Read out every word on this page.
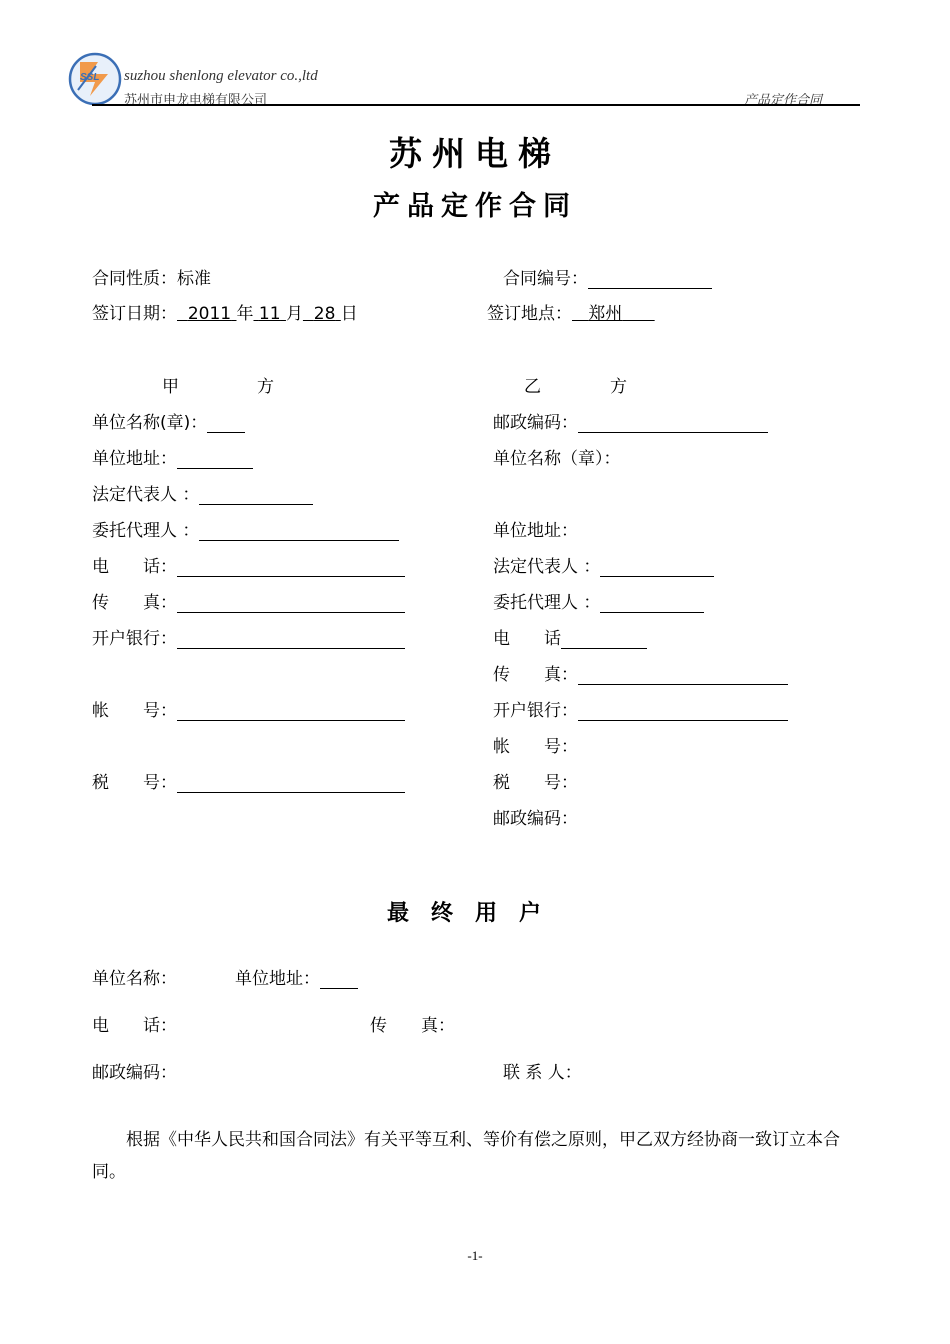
SSL suzhou shenlong elevator co.,ltd
苏州市申龙电梯有限公司	产品定作合同
苏州电梯
产品定作合同
合同性质：标准	合同编号：
签订日期： 2011 年 11 月 28 日	签订地点： 郑州
甲	方	乙	方
单位名称(章)：
单位地址：
法定代表人 ：
委托代理人 ：
电　　话：
传　　真：
开户银行：
帐　　号：
税　　号：
邮政编码：
单位名称（章）：
单位地址：
法定代表人 ：
委托代理人 ：
电　　话
传　　真：
开户银行：
帐　　号：
税　　号：
邮政编码：
最终用户
单位名称：	单位地址：
电　　话：	传　　真：
邮政编码：	联 系 人：
根据《中华人民共和国合同法》有关平等互利、等价有偿之原则，甲乙双方经协商一致订立本合同。
-1-
